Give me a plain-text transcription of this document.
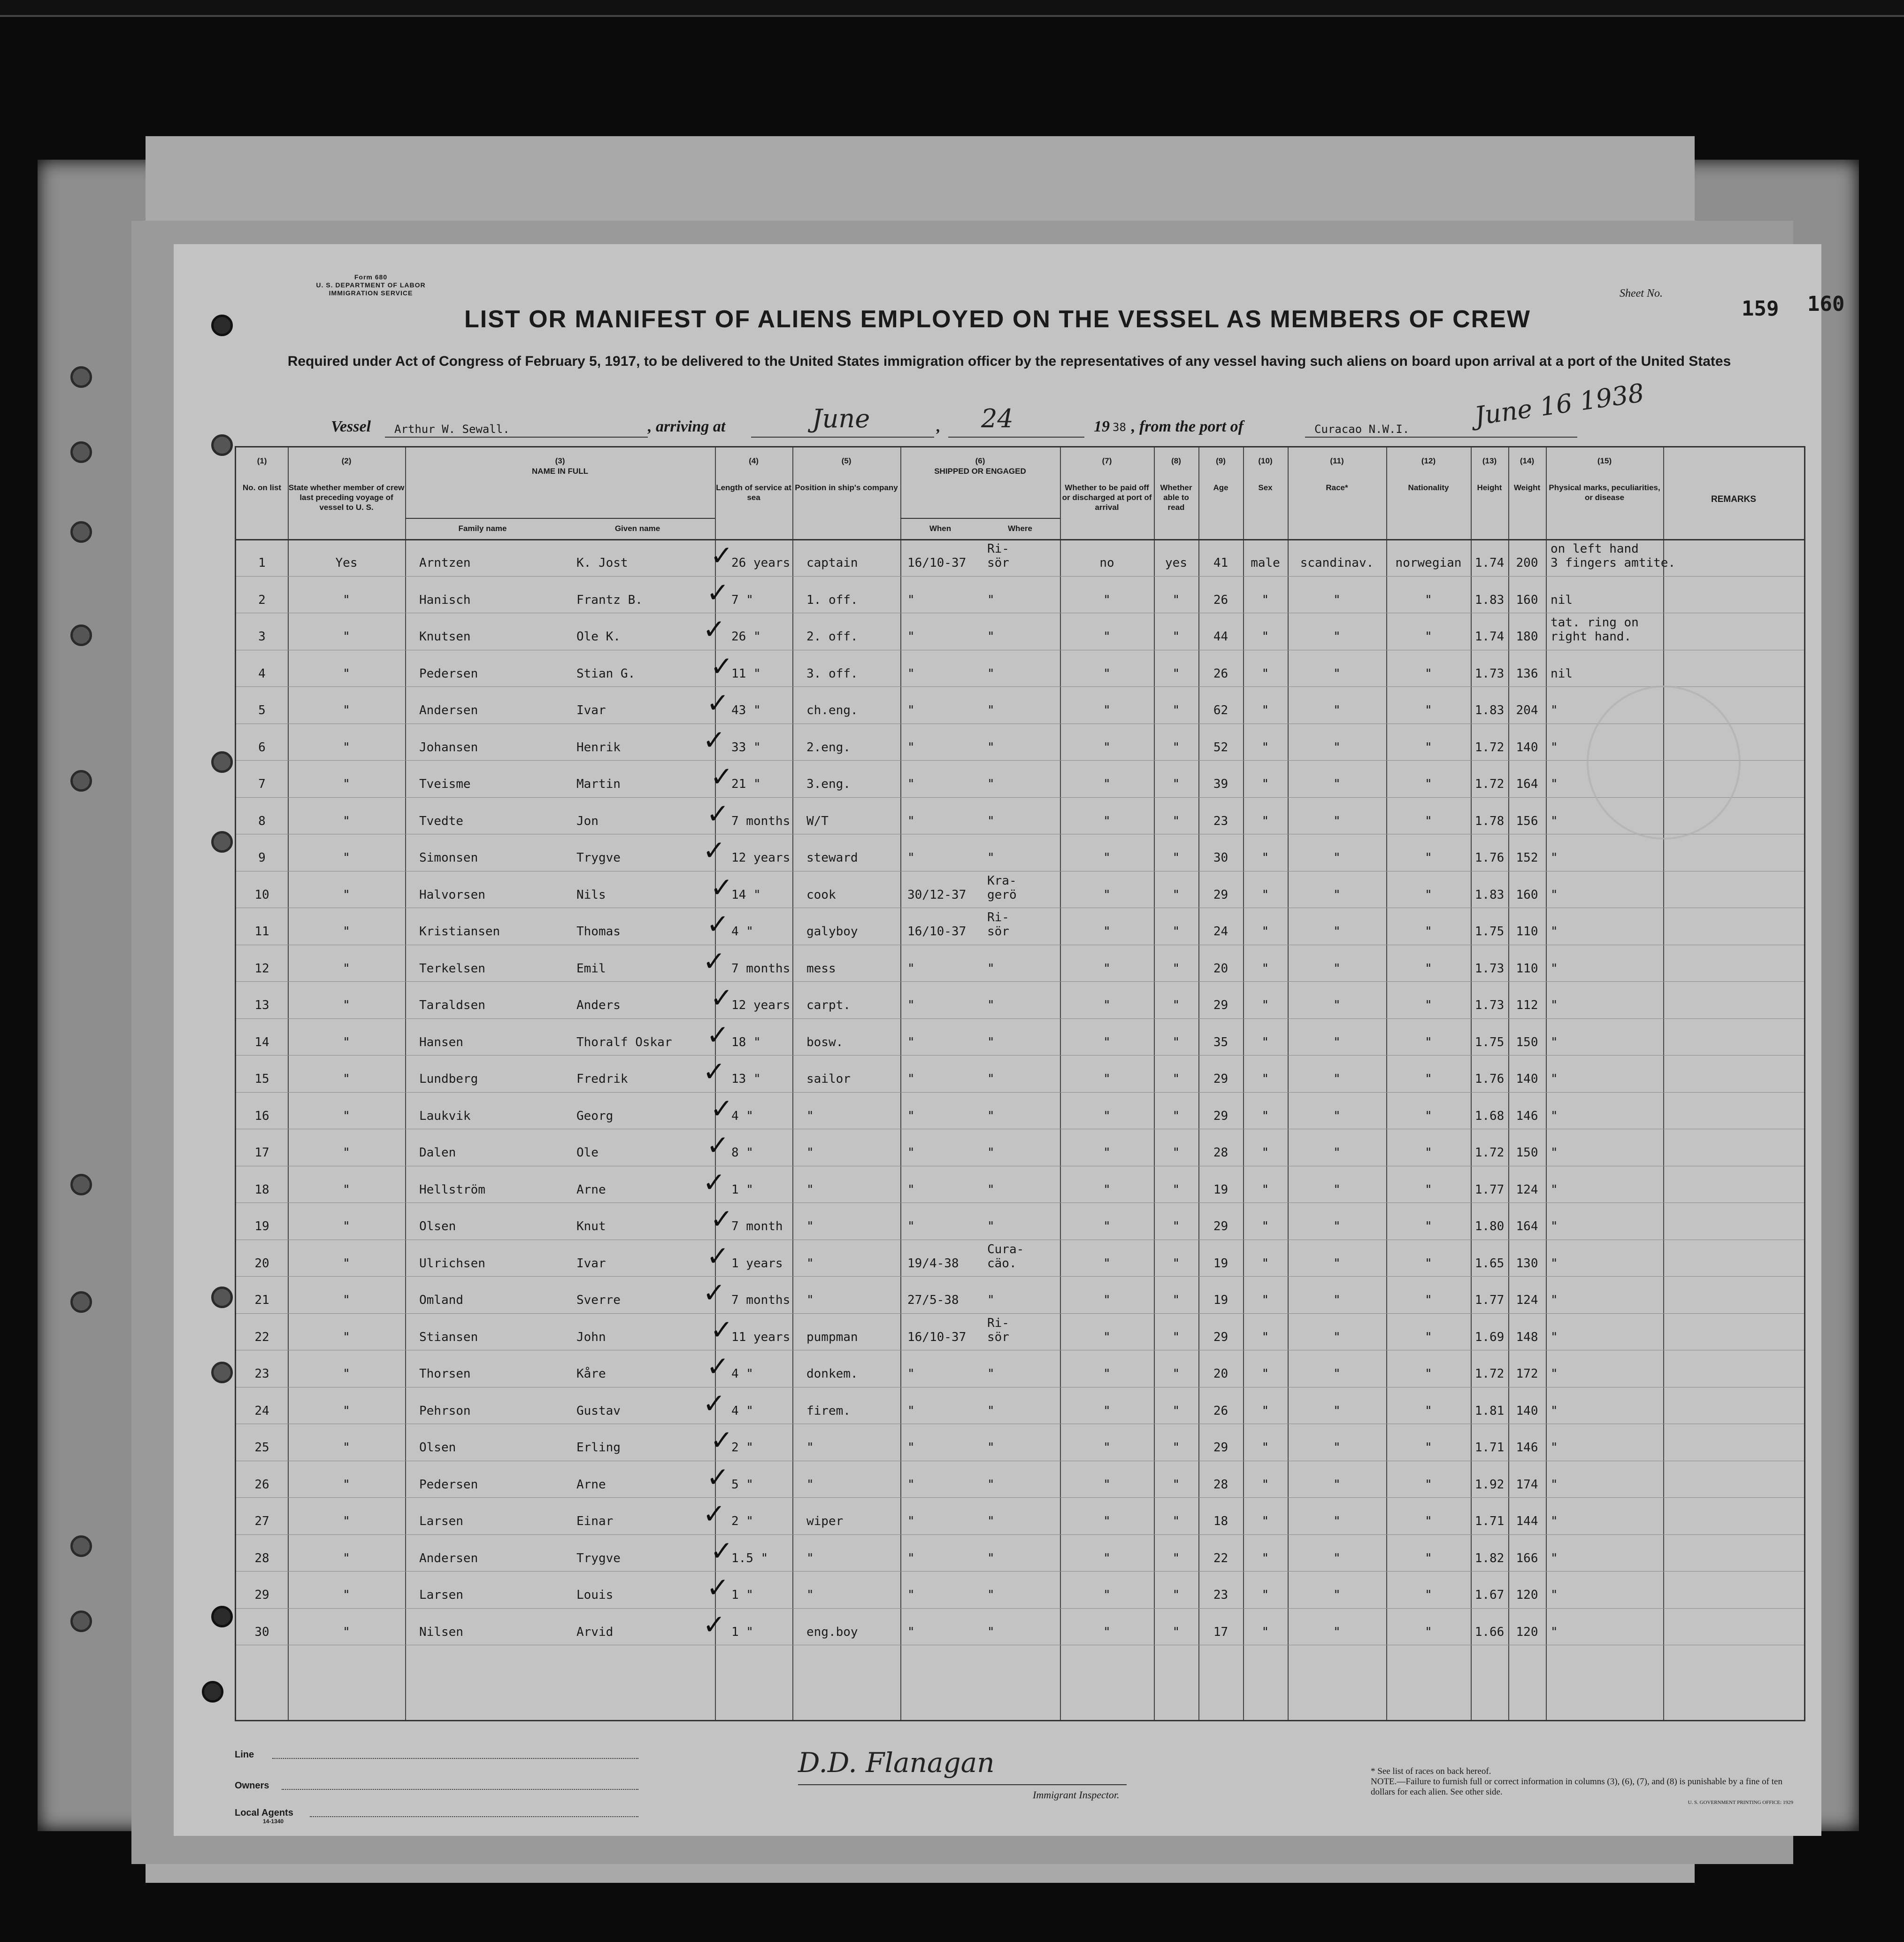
Form 680
U. S. DEPARTMENT OF LABOR
IMMIGRATION SERVICE	Sheet No.
159 160
LIST OR MANIFEST OF ALIENS EMPLOYED ON THE VESSEL AS MEMBERS OF CREW
Required under Act of Congress of February 5, 1917, to be delivered to the United States immigration officer by the representatives of any vessel having such aliens on board upon arrival at a port of the United States
Vessel Arthur W. Sewall.	, arriving at	June	, 24	19 38 , from the port of	Curacao N.W.I.	June 16 1938
(1)
No. on list
(2)
State whether member of crew last preceding voyage of vessel to U. S.
(3)
NAME IN FULL
(4)
Length of service at sea
(5)
Position in ship's company
(6)
SHIPPED OR ENGAGED
(7)
Whether to be paid off or discharged at port of arrival
(8)
Whether able to read
(9)
Age
(10)
Sex
(11)
Race*
(12)
Nationality
(13)
Height
(14)
Weight
(15)
Physical marks, peculiarities, or disease	REMARKS
Family name	Given name	When	Where
1	Yes	Arntzen	K. Jost	26 years captain	16/10-37
Ri-
sör	no	yes	41	male	scandinav.	norwegian	1.74 200
on left hand
3 fingers amtite.
✓
2	"	Hanisch	Frantz B.	7 "	1. off.	"	"	"	"	26	"	"	"	1.83 160	nil
✓
3	"	Knutsen	Ole K.	26 "	2. off.	"	"	"	"	44	"	"	"	1.74 180
tat. ring on
right hand.
✓
4	"	Pedersen	Stian G.	11 "	3. off.	"	"	"	"	26	"	"	"	1.73 136	nil
✓
5	"	Andersen	Ivar	43 "	ch.eng.	"	"	"	"	62	"	"	"	1.83 204	"
✓
6	"	Johansen	Henrik	33 "	2.eng.	"	"	"	"	52	"	"	"	1.72 140	"
✓
7	"	Tveisme	Martin	21 "	3.eng.	"	"	"	"	39	"	"	"	1.72 164	"
✓
8	"	Tvedte	Jon	7 months W/T	"	"	"	"	23	"	"	"	1.78 156	"
✓
9	"	Simonsen	Trygve	12 years steward	"	"	"	"	30	"	"	"	1.76 152	"
✓
10	"	Halvorsen	Nils	14 "	cook	30/12-37
Kra-
gerö	"	"	29	"	"	"	1.83 160	"
✓
11	"	Kristiansen	Thomas	4 "	galyboy	16/10-37
Ri-
sör	"	"	24	"	"	"	1.75 110	"
✓
12	"	Terkelsen	Emil	7 months mess	"	"	"	"	20	"	"	"	1.73 110	"
✓
13	"	Taraldsen	Anders	12 years carpt.	"	"	"	"	29	"	"	"	1.73 112	"
✓
14	"	Hansen	Thoralf Oskar	18 "	bosw.	"	"	"	"	35	"	"	"	1.75 150	"
✓
15	"	Lundberg	Fredrik	13 "	sailor	"	"	"	"	29	"	"	"	1.76 140	"
✓
16	"	Laukvik	Georg	4 "	"	"	"	"	"	29	"	"	"	1.68 146	"
✓
17	"	Dalen	Ole	8 "	"	"	"	"	"	28	"	"	"	1.72 150	"
✓
18	"	Hellström	Arne	1 "	"	"	"	"	"	19	"	"	"	1.77 124	"
✓
19	"	Olsen	Knut	7 month "	"	"	"	"	29	"	"	"	1.80 164	"
✓
20	"	Ulrichsen	Ivar	1 years "	19/4-38
Cura-
cäo.	"	"	19	"	"	"	1.65 130	"
✓
21	"	Omland	Sverre	7 months "	27/5-38 "	"	"	19	"	"	"	1.77 124	"
✓
22	"	Stiansen	John	11 years pumpman	16/10-37
Ri-
sör	"	"	29	"	"	"	1.69 148	"
✓
23	"	Thorsen	Kåre	4 "	donkem.	"	"	"	"	20	"	"	"	1.72 172	"
✓
24	"	Pehrson	Gustav	4 "	firem.	"	"	"	"	26	"	"	"	1.81 140	"
✓
25	"	Olsen	Erling	2 "	"	"	"	"	"	29	"	"	"	1.71 146	"
✓
26	"	Pedersen	Arne	5 "	"	"	"	"	"	28	"	"	"	1.92 174	"
✓
27	"	Larsen	Einar	2 "	wiper	"	"	"	"	18	"	"	"	1.71 144	"
✓
28	"	Andersen	Trygve	1.5 "	"	"	"	"	"	22	"	"	"	1.82 166	"
✓
29	"	Larsen	Louis	1 "	"	"	"	"	"	23	"	"	"	1.67 120	"
✓
30	"	Nilsen	Arvid	1 "	eng.boy	"	"	"	"	17	"	"	"	1.66 120	"
✓
Line
Owners
Local Agents
14-1340
D.D. Flanagan
Immigrant Inspector.
* See list of races on back hereof.
NOTE.—Failure to furnish full or correct information in columns (3), (6), (7), and (8) is punishable by a fine of ten dollars for each alien. See other side.
U. S. GOVERNMENT PRINTING OFFICE: 1929
